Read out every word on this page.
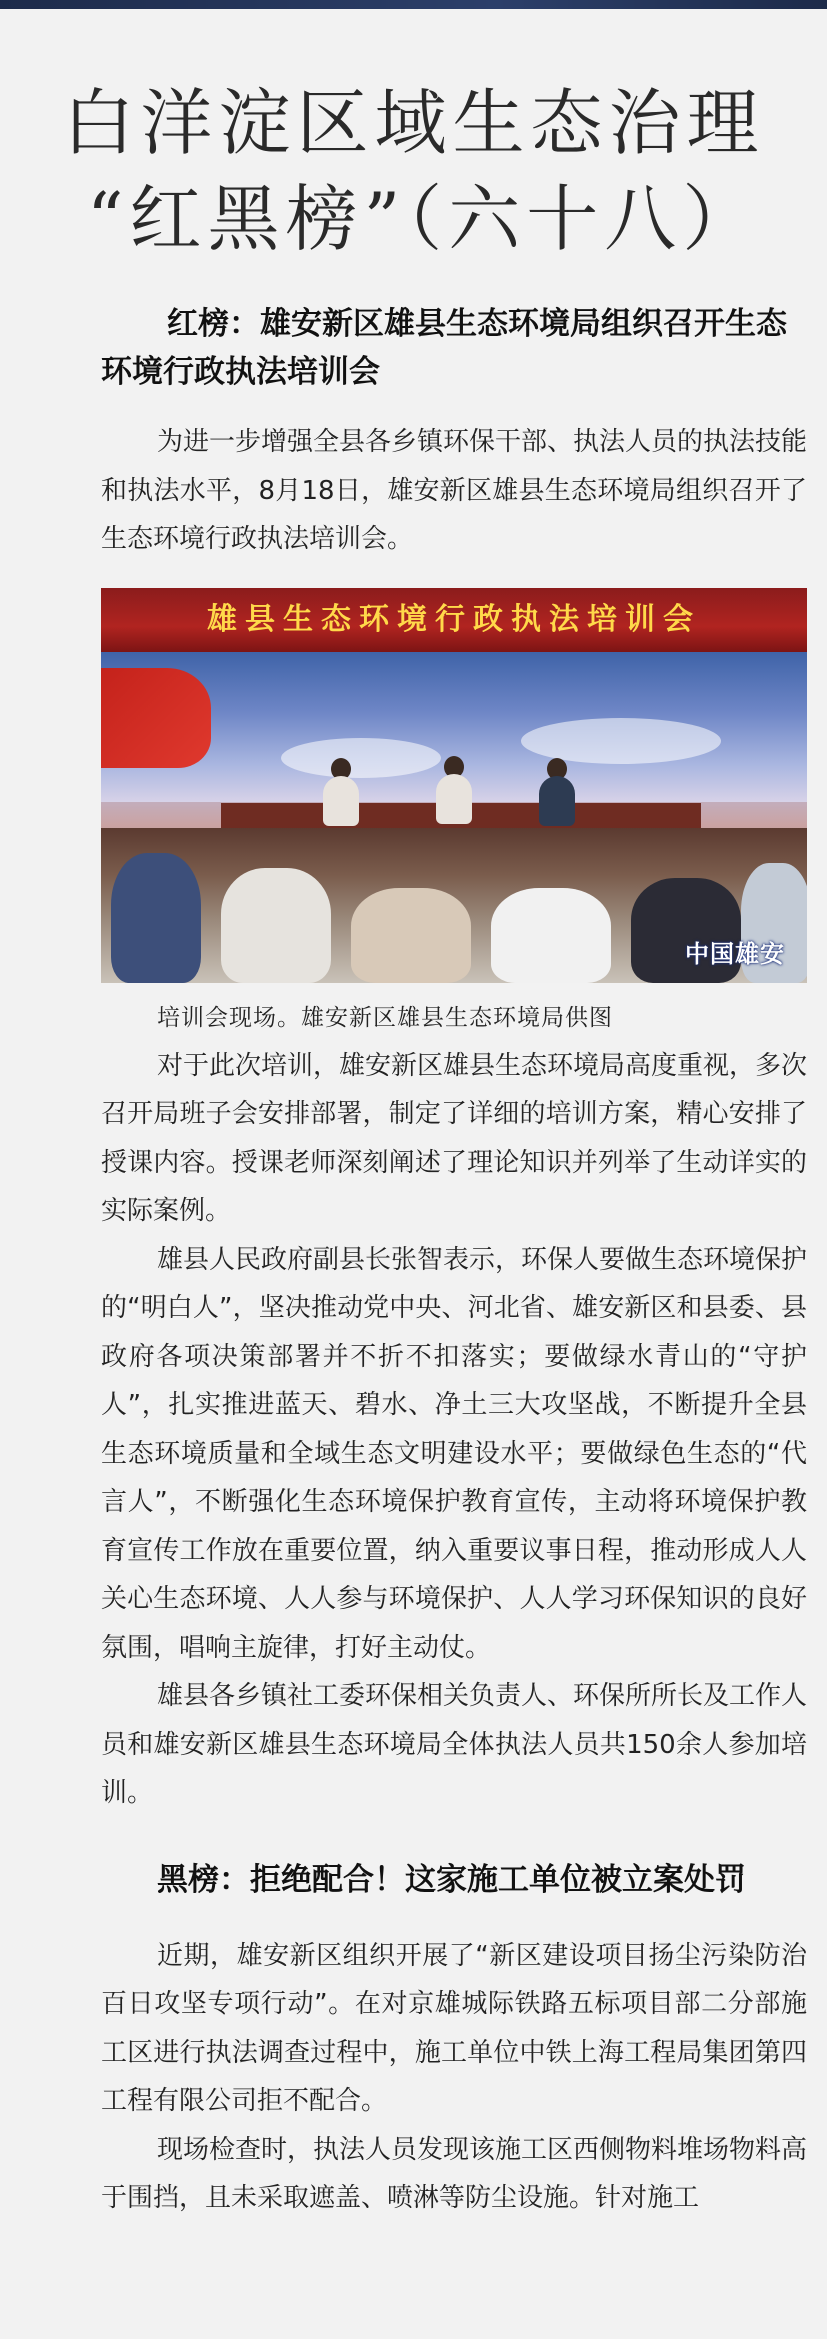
白洋淀区域生态治理
“红黑榜”（六十八）
红榜：雄安新区雄县生态环境局组织召开生态环境行政执法培训会

为进一步增强全县各乡镇环保干部、执法人员的执法技能和执法水平，8月18日，雄安新区雄县生态环境局组织召开了生态环境行政执法培训会。

雄县生态环境行政执法培训会
中国雄安
培训会现场。雄安新区雄县生态环境局供图

对于此次培训，雄安新区雄县生态环境局高度重视，多次召开局班子会安排部署，制定了详细的培训方案，精心安排了授课内容。授课老师深刻阐述了理论知识并列举了生动详实的实际案例。

雄县人民政府副县长张智表示，环保人要做生态环境保护的“明白人”，坚决推动党中央、河北省、雄安新区和县委、县政府各项决策部署并不折不扣落实；要做绿水青山的“守护人”，扎实推进蓝天、碧水、净土三大攻坚战，不断提升全县生态环境质量和全域生态文明建设水平；要做绿色生态的“代言人”，不断强化生态环境保护教育宣传，主动将环境保护教育宣传工作放在重要位置，纳入重要议事日程，推动形成人人关心生态环境、人人参与环境保护、人人学习环保知识的良好氛围，唱响主旋律，打好主动仗。

雄县各乡镇社工委环保相关负责人、环保所所长及工作人员和雄安新区雄县生态环境局全体执法人员共150余人参加培训。

黑榜：拒绝配合！这家施工单位被立案处罚

近期，雄安新区组织开展了“新区建设项目扬尘污染防治百日攻坚专项行动”。在对京雄城际铁路五标项目部二分部施工区进行执法调查过程中，施工单位中铁上海工程局集团第四工程有限公司拒不配合。

现场检查时，执法人员发现该施工区西侧物料堆场物料高于围挡，且未采取遮盖、喷淋等防尘设施。针对施工
